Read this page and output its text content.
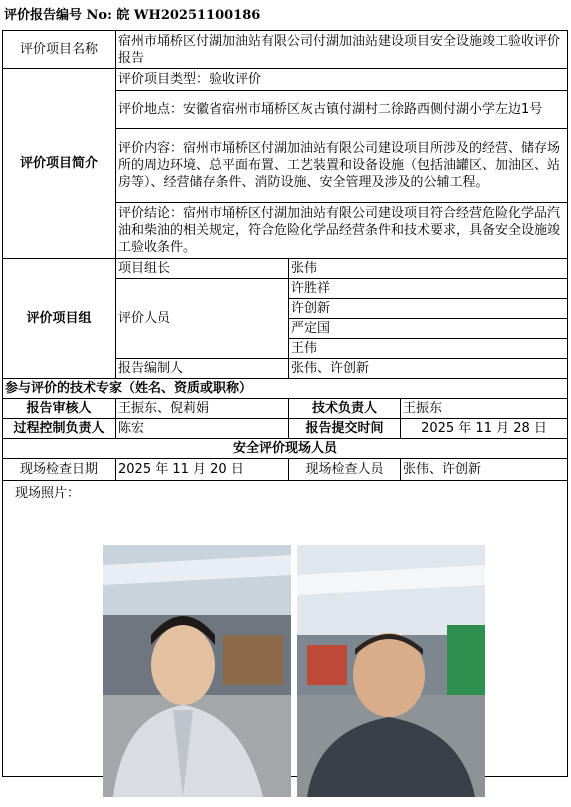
评价报告编号 No: 皖 WH20251100186
评价项目名称	宿州市埇桥区付湖加油站有限公司付湖加油站建设项目安全设施竣工验收评价报告		
评价项目简介	评价项目类型：验收评价		
	评价地点：安徽省宿州市埇桥区灰古镇付湖村二徐路西侧付湖小学左边1号		
	评价内容：宿州市埇桥区付湖加油站有限公司建设项目所涉及的经营、储存场所的周边环境、总平面布置、工艺装置和设备设施（包括油罐区、加油区、站房等）、经营储存条件、消防设施、安全管理及涉及的公辅工程。		
	评价结论：宿州市埇桥区付湖加油站有限公司建设项目符合经营危险化学品汽油和柴油的相关规定，符合危险化学品经营条件和技术要求，具备安全设施竣工验收条件。		
评价项目组	项目组长	张伟	
	评价人员	许胜祥	
		许创新	
		严定国	
		王伟	
	报告编制人	张伟、许创新	
参与评价的技术专家（姓名、资质或职称）			
报告审核人	王振东、倪莉娟	技术负责人	王振东
过程控制负责人	陈宏	报告提交时间	2025 年 11 月 28 日
安全评价现场人员			
现场检查日期	2025 年 11 月 20 日	现场检查人员	张伟、许创新
现场照片：			
